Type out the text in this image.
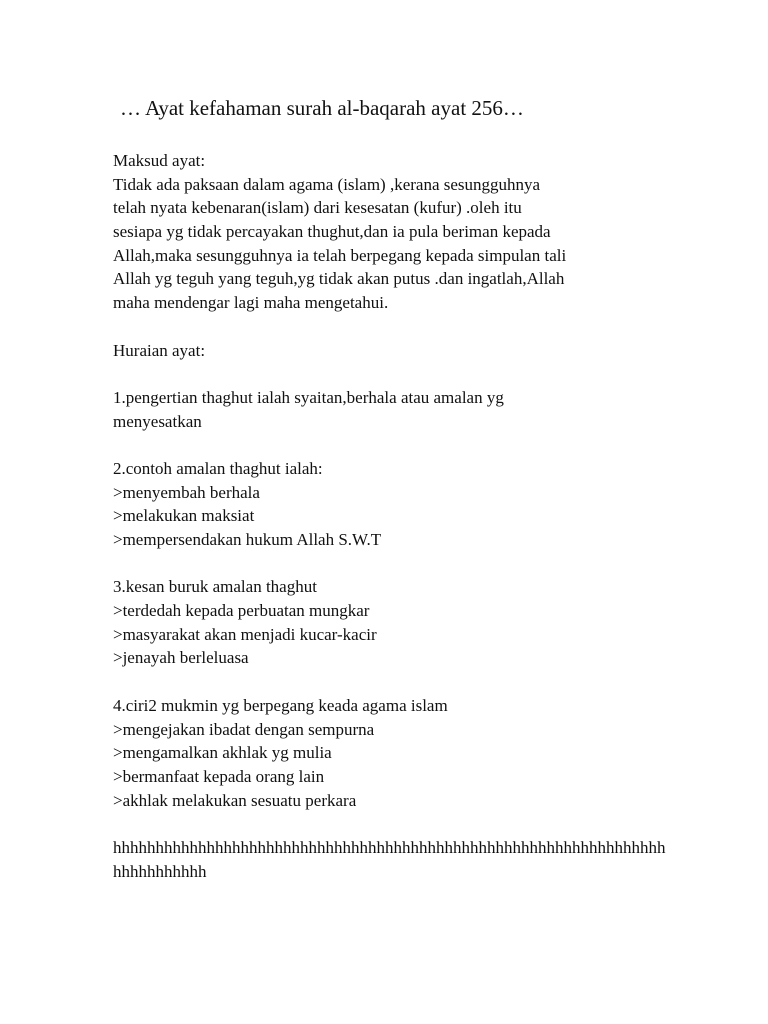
… Ayat kefahaman surah al-baqarah ayat 256…
Maksud ayat:
Tidak ada paksaan dalam agama (islam) ,kerana sesungguhnya
telah nyata kebenaran(islam) dari kesesatan (kufur) .oleh itu
sesiapa yg tidak percayakan thughut,dan ia pula beriman kepada
Allah,maka sesungguhnya ia telah berpegang kepada simpulan tali
Allah yg teguh yang teguh,yg tidak akan putus .dan ingatlah,Allah
maha mendengar lagi maha mengetahui.
Huraian ayat:
1.pengertian thaghut ialah syaitan,berhala atau amalan yg
menyesatkan
2.contoh amalan thaghut ialah:
>menyembah berhala
>melakukan maksiat
>mempersendakan hukum Allah S.W.T
3.kesan buruk amalan thaghut
>terdedah kepada perbuatan mungkar
>masyarakat akan menjadi kucar-kacir
>jenayah berleluasa
4.ciri2 mukmin yg berpegang keada agama islam
>mengejakan ibadat dengan sempurna
>mengamalkan akhlak yg mulia
>bermanfaat kepada orang lain
>akhlak melakukan sesuatu perkara
hhhhhhhhhhhhhhhhhhhhhhhhhhhhhhhhhhhhhhhhhhhhhhhhhhhhhhhhhhhhhhhhh
hhhhhhhhhhh
